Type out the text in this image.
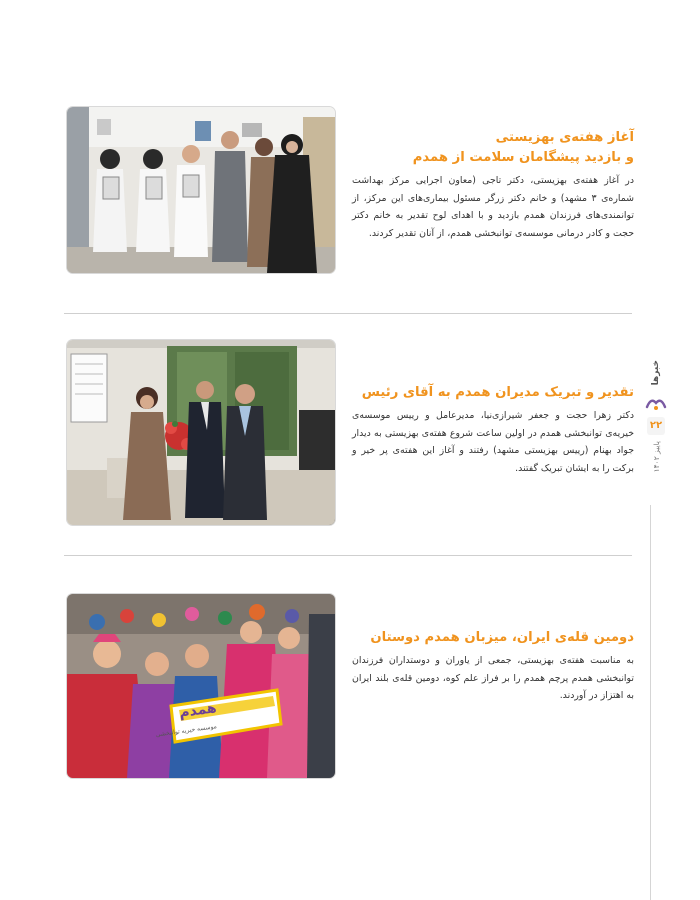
آغاز هفته‌ی بهزیستی
و بازدید پیشگامان سلامت از همدم

در آغاز هفته‌ی بهزیستی، دکتر تاجی (معاون اجرایی مرکز بهداشت شماره‌ی ۳ مشهد) و خانم دکتر زرگر مسئول بیماری‌های این مرکز، از توانمندی‌های فرزندان همدم بازدید و با اهدای لوح تقدیر به خانم دکتر حجت و کادر درمانی موسسه‌ی توانبخشی همدم، از آنان تقدیر کردند.

تقدیر و تبریک مدیران همدم به آقای رئیس

دکتر زهرا حجت و جعفر شیرازی‌نیا، مدیرعامل و رییس موسسه‌ی خیریه‌ی توانبخشی همدم در اولین ساعت شروع هفته‌ی بهزیستی به دیدار جواد بهنام (رییس بهزیستی مشهد) رفتند و آغاز این هفته‌ی پر خیر و برکت را به ایشان تبریک گفتند.

همدم
موسسه خیریه توانبخشی
دومین قله‌ی ایران، میزبان همدم دوستان

به مناسبت هفته‌ی بهزیستی، جمعی از یاوران و دوستداران فرزندان توانبخشی همدم پرچم همدم را بر فراز علم کوه، دومین قله‌ی بلند ایران به اهتزاز در آوردند.

خبرها
۲۲
پاییز ۱۴۰۲
